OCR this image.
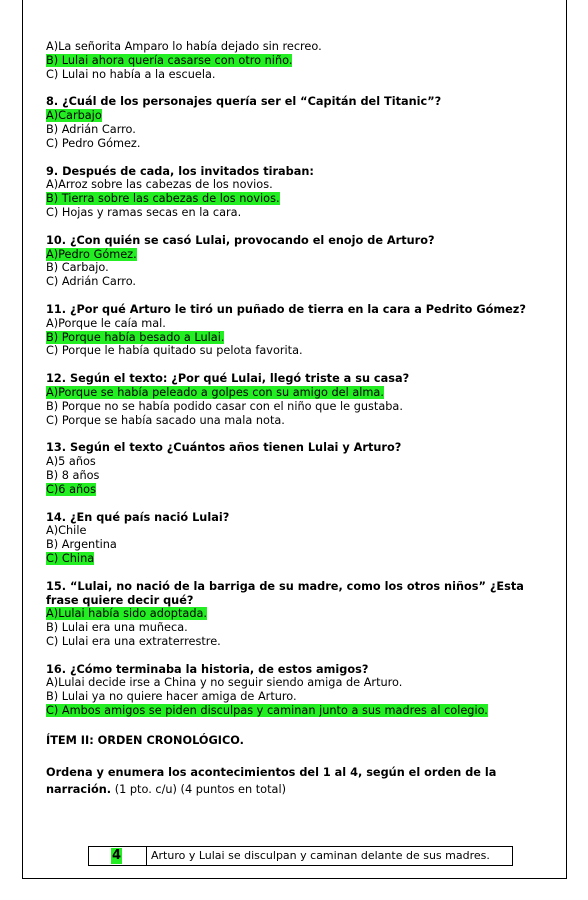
A)La señorita Amparo lo había dejado sin recreo.
B) Lulai ahora quería casarse con otro niño.
C) Lulai no había a la escuela.
8. ¿Cuál de los personajes quería ser el “Capitán del Titanic”?
A)Carbajo
B) Adrián Carro.
C) Pedro Gómez.
9. Después de cada, los invitados tiraban:
A)Arroz sobre las cabezas de los novios.
B) Tierra sobre las cabezas de los novios.
C) Hojas y ramas secas en la cara.
10. ¿Con quién se casó Lulai, provocando el enojo de Arturo?
A)Pedro Gómez.
B) Carbajo.
C) Adrián Carro.
11. ¿Por qué Arturo le tiró un puñado de tierra en la cara a Pedrito Gómez?
A)Porque le caía mal.
B) Porque había besado a Lulai.
C) Porque le había quitado su pelota favorita.
12. Según el texto: ¿Por qué Lulai, llegó triste a su casa?
A)Porque se había peleado a golpes con su amigo del alma.
B) Porque no se había podido casar con el niño que le gustaba.
C) Porque se había sacado una mala nota.
13. Según el texto ¿Cuántos años tienen Lulai y Arturo?
A)5 años
B) 8 años
C)6 años
14. ¿En qué país nació Lulai?
A)Chile
B) Argentina
C) China
15. “Lulai, no nació de la barriga de su madre, como los otros niños” ¿Esta frase quiere decir qué?
A)Lulai había sido adoptada.
B) Lulai era una muñeca.
C) Lulai era una extraterrestre.
16. ¿Cómo terminaba la historia, de estos amigos?
A)Lulai decide irse a China y no seguir siendo amiga de Arturo.
B) Lulai ya no quiere hacer amiga de Arturo.
C) Ambos amigos se piden disculpas y caminan junto a sus madres al colegio.
ÍTEM II: ORDEN CRONOLÓGICO.
Ordena y enumera los acontecimientos del 1 al 4, según el orden de la narración. (1 pto. c/u) (4 puntos en total)
4	Arturo y Lulai se disculpan y caminan delante de sus madres.
